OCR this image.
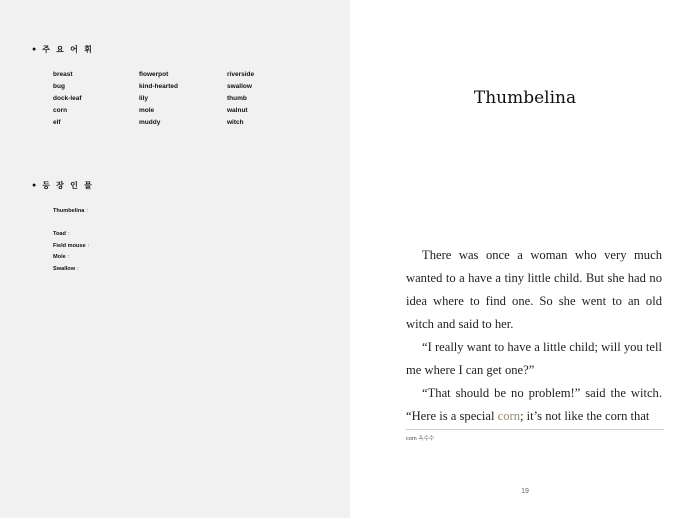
● 주 요 어 휘
breast	flowerpot	riverside
bug	kind-hearted	swallow
dock-leaf	lily	thumb
corn	mole	walnut
elf	muddy	witch
● 등 장 인 물
Thumbelina :
Toad :
Field mouse :
Mole :
Swallow :
Thumbelina

There was once a woman who very much wanted to a have a tiny little child. But she had no idea where to find one. So she went to an old witch and said to her.

“I really want to have a little child; will you tell me where I can get one?”

“That should be no problem!” said the witch. “Here is a special corn; it’s not like the corn that

corn 옥수수
19
